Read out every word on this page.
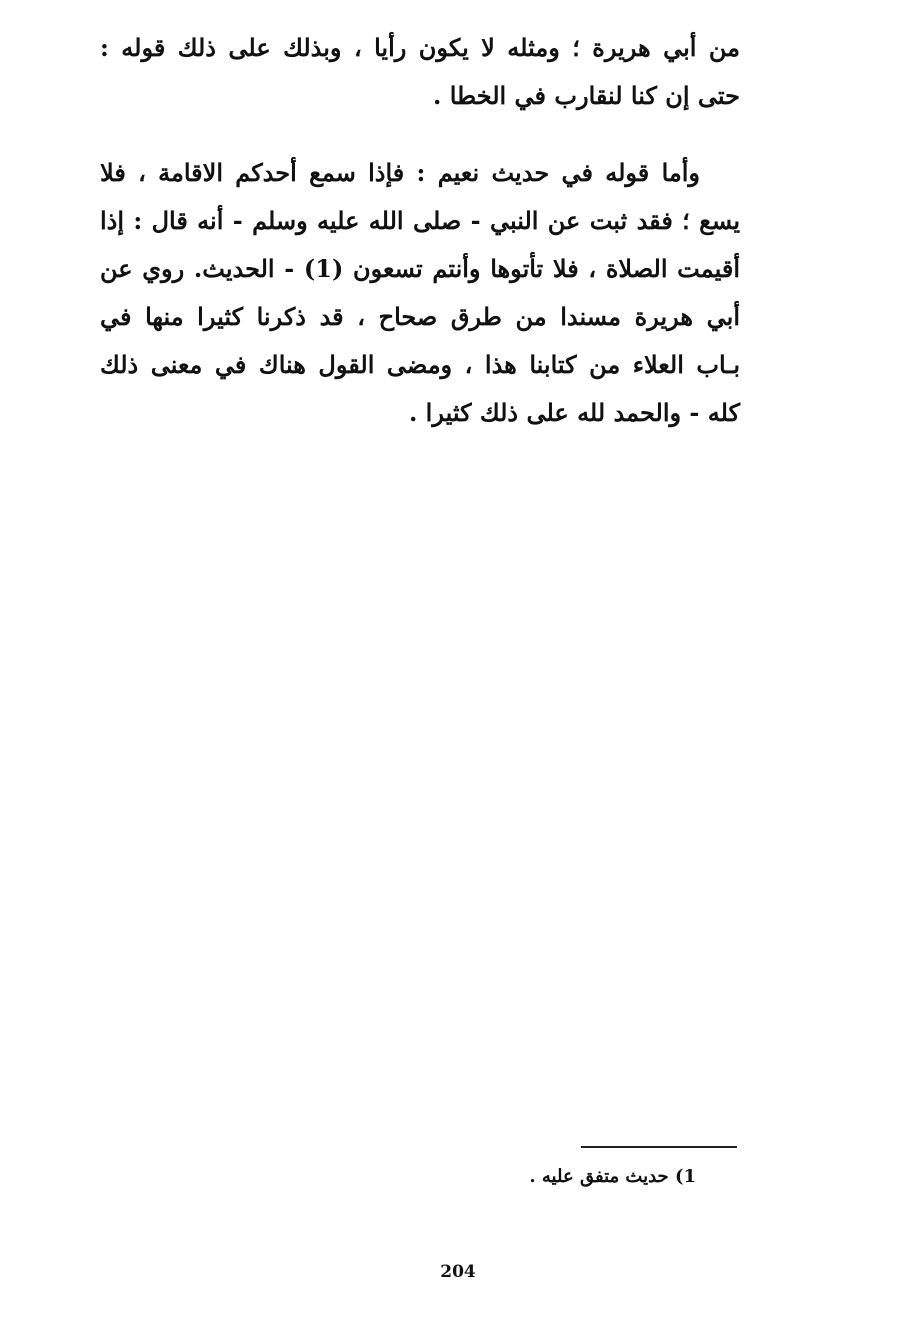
من أبي هريرة ؛ ومثله لا يكون رأيا ، وبذلك على ذلك قوله :
حتى إن كنا لنقارب في الخطا .
وأما قوله في حديث نعيم : فإذا سمع أحدكم الاقامة ، فلا
يسع ؛ فقد ثبت عن النبي - صلى الله عليه وسلم - أنه قال : إذا
أقيمت الصلاة ، فلا تأتوها وأنتم تسعون (1) - الحديث. روي عن
أبي هريرة مسندا من طرق صحاح ، قد ذكرنا كثيرا منها في
بـاب العلاء من كتابنا هذا ، ومضى القول هناك في معنى ذلك
كله - والحمد لله على ذلك كثيرا .
1) حديث متفق عليه .
204
